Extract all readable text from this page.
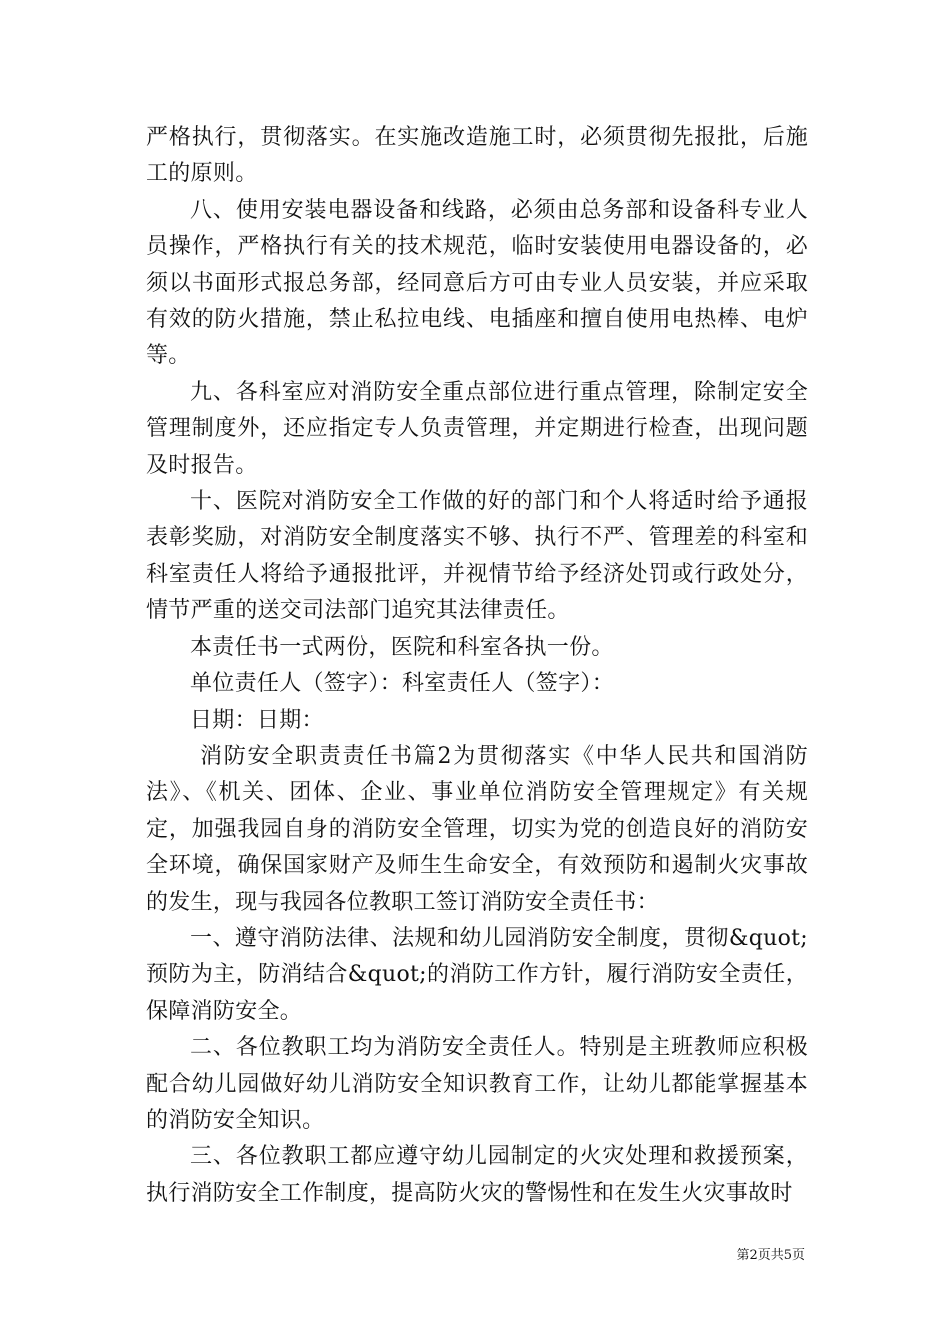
严格执行，贯彻落实。在实施改造施工时，必须贯彻先报批，后施工的原则。

八、使用安装电器设备和线路，必须由总务部和设备科专业人员操作，严格执行有关的技术规范，临时安装使用电器设备的，必须以书面形式报总务部，经同意后方可由专业人员安装，并应采取有效的防火措施，禁止私拉电线、电插座和擅自使用电热棒、电炉等。

九、各科室应对消防安全重点部位进行重点管理，除制定安全管理制度外，还应指定专人负责管理，并定期进行检查，出现问题及时报告。

十、医院对消防安全工作做的好的部门和个人将适时给予通报表彰奖励，对消防安全制度落实不够、执行不严、管理差的科室和科室责任人将给予通报批评，并视情节给予经济处罚或行政处分，情节严重的送交司法部门追究其法律责任。

本责任书一式两份，医院和科室各执一份。

单位责任人（签字）：科室责任人（签字）：

日期：日期：

消防安全职责责任书篇2为贯彻落实《中华人民共和国消防法》、《机关、团体、企业、事业单位消防安全管理规定》有关规定，加强我园自身的消防安全管理，切实为党的创造良好的消防安全环境，确保国家财产及师生生命安全，有效预防和遏制火灾事故的发生，现与我园各位教职工签订消防安全责任书：

一、遵守消防法律、法规和幼儿园消防安全制度，贯彻&quot;预防为主，防消结合&quot;的消防工作方针，履行消防安全责任，保障消防安全。

二、各位教职工均为消防安全责任人。特别是主班教师应积极配合幼儿园做好幼儿消防安全知识教育工作，让幼儿都能掌握基本的消防安全知识。

三、各位教职工都应遵守幼儿园制定的火灾处理和救援预案，执行消防安全工作制度，提高防火灾的警惕性和在发生火灾事故时

第2页共5页
